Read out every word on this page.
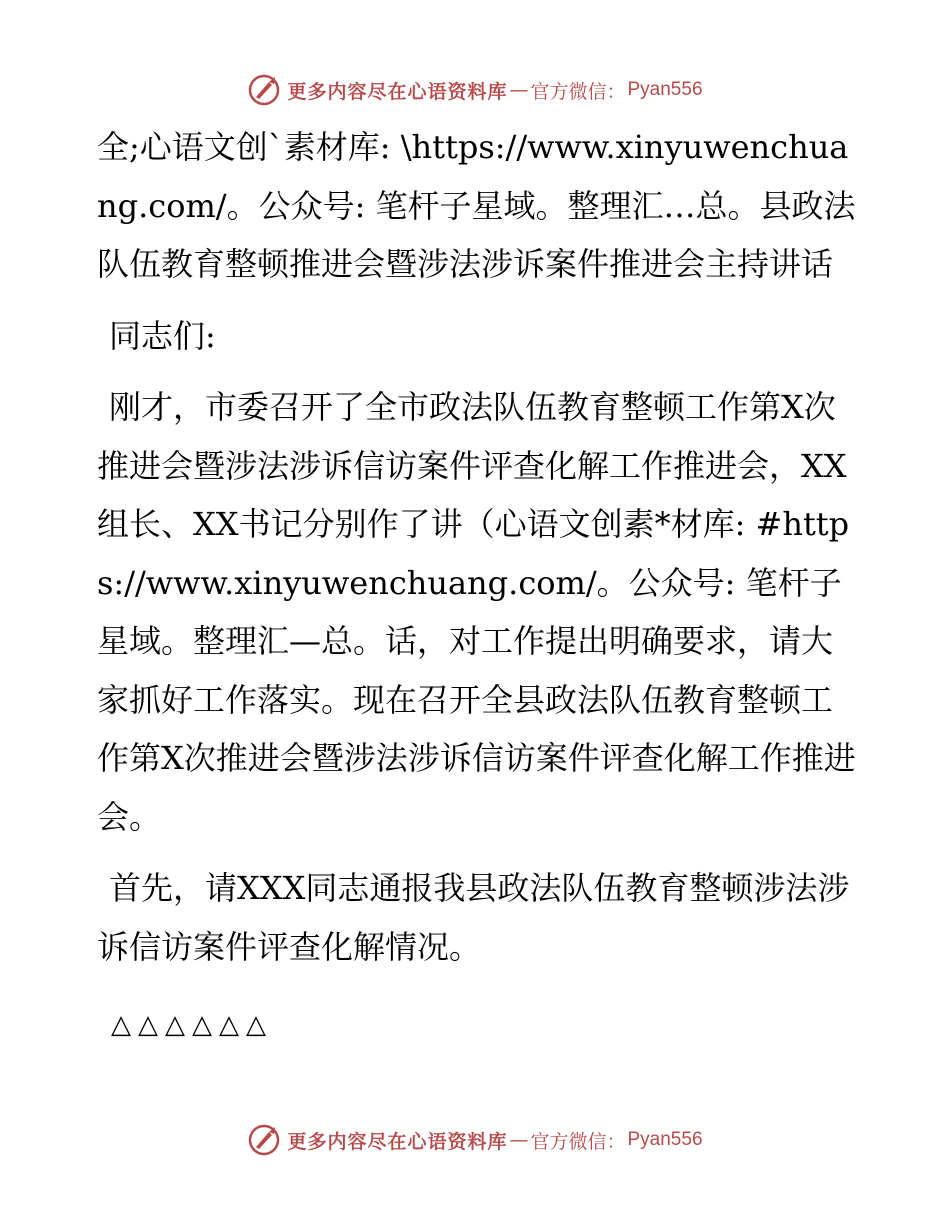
更多内容尽在心语资料库 — 官方微信： Pyan556

全;心语文创`素材库: \https://www.xinyuwenchuang.com/。公众号: 笔杆子星域。整理汇…总。县政法队伍教育整顿推进会暨涉法涉诉案件推进会主持讲话

同志们:

刚才，市委召开了全市政法队伍教育整顿工作第X次推进会暨涉法涉诉信访案件评查化解工作推进会，XX组长、XX书记分别作了讲（心语文创素*材库: #https://www.xinyuwenchuang.com/。公众号: 笔杆子星域。整理汇—总。话，对工作提出明确要求，请大家抓好工作落实。现在召开全县政法队伍教育整顿工作第X次推进会暨涉法涉诉信访案件评查化解工作推进会。

首先，请XXX同志通报我县政法队伍教育整顿涉法涉诉信访案件评查化解情况。

△△△△△△
更多内容尽在心语资料库 — 官方微信： Pyan556
